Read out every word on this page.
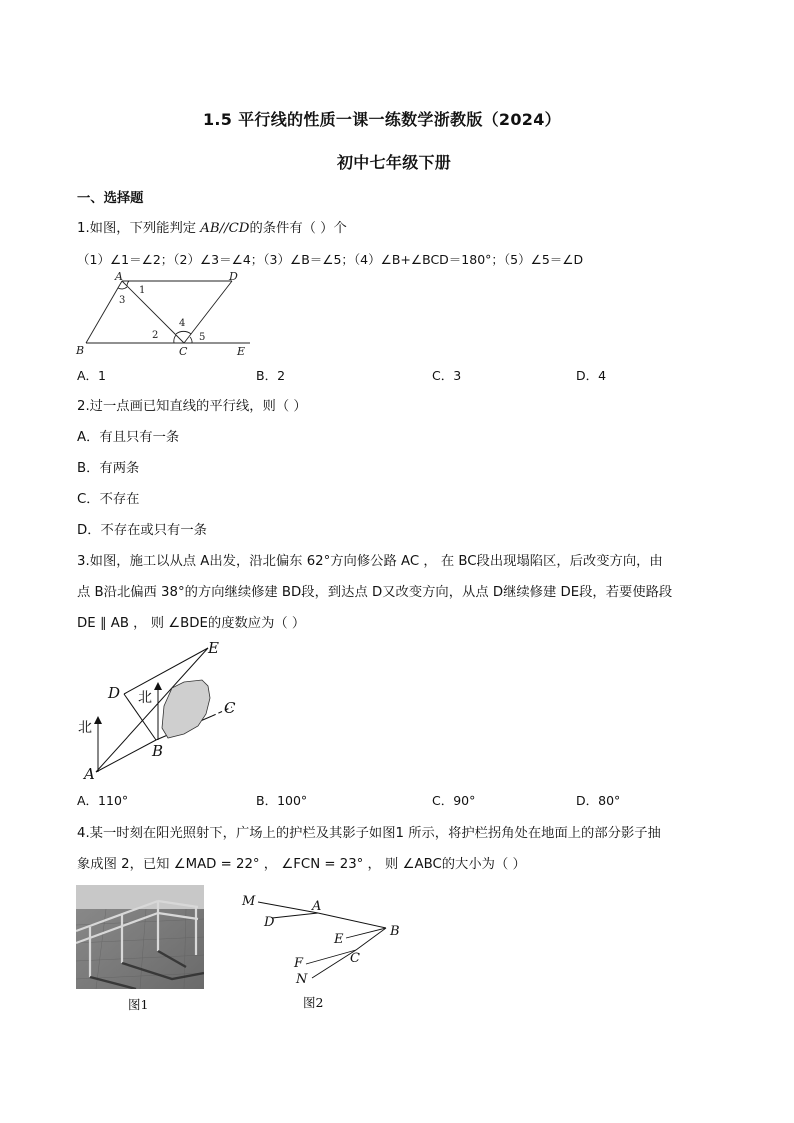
1.5 平行线的性质一课一练数学浙教版（2024）
初中七年级下册
一、选择题
1.如图，下列能判定 AB//CD的条件有（ ）个
（1）∠1＝∠2；（2）∠3＝∠4；（3）∠B＝∠5；（4）∠B+∠BCD＝180°；（5）∠5＝∠D
A	D
B	C	E
1
3
2
4
5
A．1	B．2	C．3	D．4
2.过一点画已知直线的平行线，则（ ）
A．有且只有一条
B．有两条
C．不存在
D．不存在或只有一条
3.如图，施工以从点 A出发，沿北偏东 62°方向修公路 AC ， 在 BC段出现塌陷区，后改变方向，由
点 B沿北偏西 38°的方向继续修建 BD段，到达点 D又改变方向，从点 D继续修建 DE段，若要使路段
DE ∥ AB ， 则 ∠BDE的度数应为（ ）
E
D
C
B
A
北
北
A．110°	B．100°	C．90°	D．80°
4.某一时刻在阳光照射下，广场上的护栏及其影子如图1 所示，将护栏拐角处在地面上的部分影子抽
象成图 2，已知 ∠MAD = 22° ， ∠FCN = 23° ， 则 ∠ABC的大小为（ ）
图1
M	A
D
E
B
F	C
N
图2
